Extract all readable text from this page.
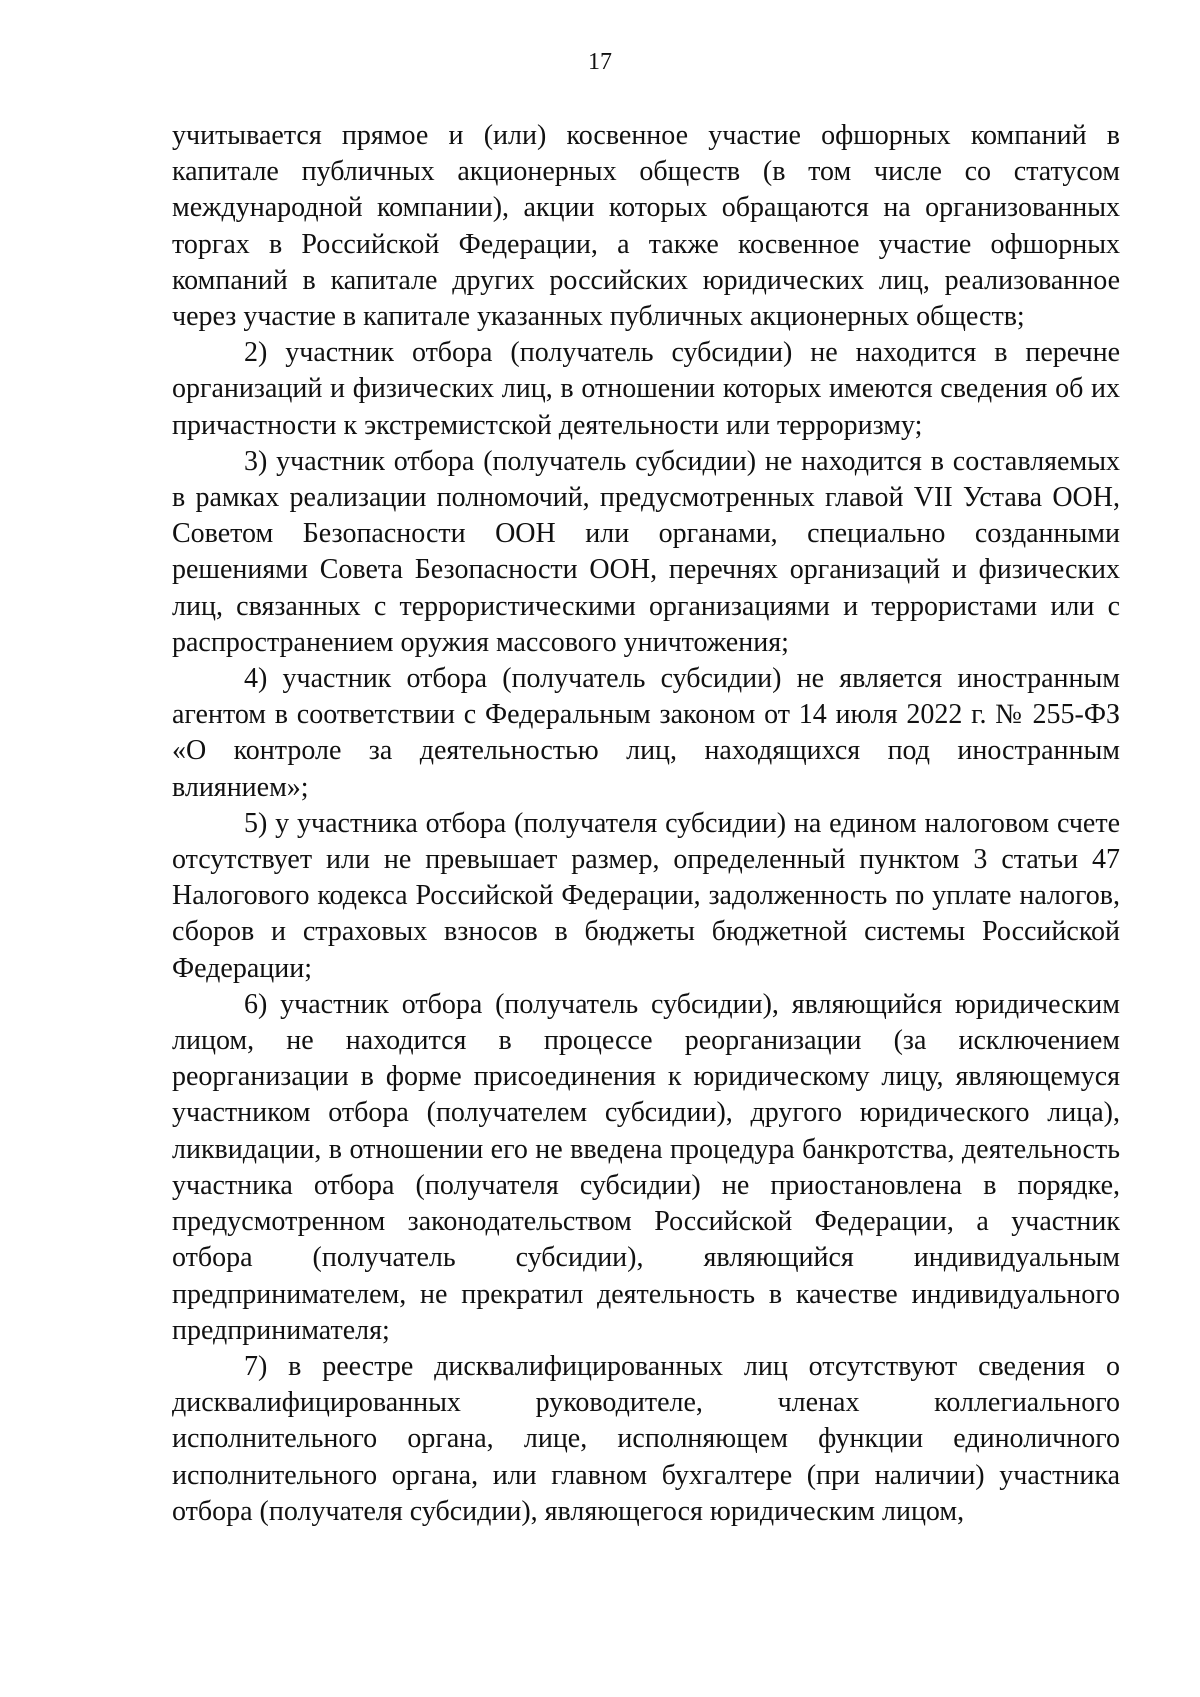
17

учитывается прямое и (или) косвенное участие офшорных компаний в капитале публичных акционерных обществ (в том числе со статусом международной компании), акции которых обращаются на организованных торгах в Российской Федерации, а также косвенное участие офшорных компаний в капитале других российских юридических лиц, реализованное через участие в капитале указанных публичных акционерных обществ;

2) участник отбора (получатель субсидии) не находится в перечне организаций и физических лиц, в отношении которых имеются сведения об их причастности к экстремистской деятельности или терроризму;

3) участник отбора (получатель субсидии) не находится в составляемых в рамках реализации полномочий, предусмотренных главой VII Устава ООН, Советом Безопасности ООН или органами, специально созданными решениями Совета Безопасности ООН, перечнях организаций и физических лиц, связанных с террористическими организациями и террористами или с распространением оружия массового уничтожения;

4) участник отбора (получатель субсидии) не является иностранным агентом в соответствии с Федеральным законом от 14 июля 2022 г. № 255-ФЗ «О контроле за деятельностью лиц, находящихся под иностранным влиянием»;

5) у участника отбора (получателя субсидии) на едином налоговом счете отсутствует или не превышает размер, определенный пунктом 3 статьи 47 Налогового кодекса Российской Федерации, задолженность по уплате налогов, сборов и страховых взносов в бюджеты бюджетной системы Российской Федерации;

6) участник отбора (получатель субсидии), являющийся юридическим лицом, не находится в процессе реорганизации (за исключением реорганизации в форме присоединения к юридическому лицу, являющемуся участником отбора (получателем субсидии), другого юридического лица), ликвидации, в отношении его не введена процедура банкротства, деятельность участника отбора (получателя субсидии) не приостановлена в порядке, предусмотренном законодательством Российской Федерации, а участник отбора (получатель субсидии), являющийся индивидуальным предпринимателем, не прекратил деятельность в качестве индивидуального предпринимателя;

7) в реестре дисквалифицированных лиц отсутствуют сведения о дисквалифицированных руководителе, членах коллегиального исполнительного органа, лице, исполняющем функции единоличного исполнительного органа, или главном бухгалтере (при наличии) участника отбора (получателя субсидии), являющегося юридическим лицом,
